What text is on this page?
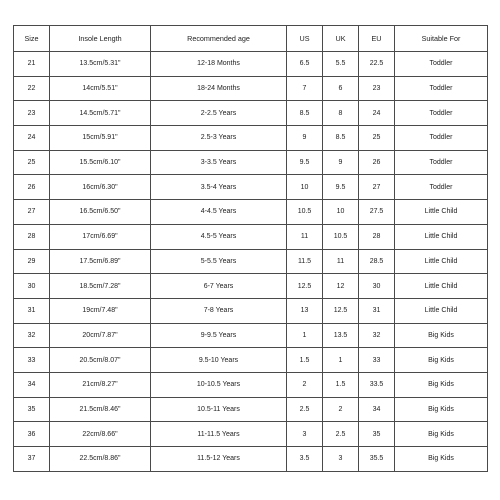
Size	Insole Length	Recommended age	US	UK	EU	Suitable For
21	13.5cm/5.31"	12-18 Months	6.5	5.5	22.5	Toddler
22	14cm/5.51"	18-24 Months	7	6	23	Toddler
23	14.5cm/5.71"	2-2.5 Years	8.5	8	24	Toddler
24	15cm/5.91"	2.5-3 Years	9	8.5	25	Toddler
25	15.5cm/6.10"	3-3.5 Years	9.5	9	26	Toddler
26	16cm/6.30"	3.5-4 Years	10	9.5	27	Toddler
27	16.5cm/6.50"	4-4.5 Years	10.5	10	27.5	Little Child
28	17cm/6.69"	4.5-5 Years	11	10.5	28	Little Child
29	17.5cm/6.89"	5-5.5 Years	11.5	11	28.5	Little Child
30	18.5cm/7.28"	6-7 Years	12.5	12	30	Little Child
31	19cm/7.48"	7-8 Years	13	12.5	31	Little Child
32	20cm/7.87"	9-9.5 Years	1	13.5	32	Big Kids
33	20.5cm/8.07"	9.5-10 Years	1.5	1	33	Big Kids
34	21cm/8.27"	10-10.5 Years	2	1.5	33.5	Big Kids
35	21.5cm/8.46"	10.5-11 Years	2.5	2	34	Big Kids
36	22cm/8.66"	11-11.5 Years	3	2.5	35	Big Kids
37	22.5cm/8.86"	11.5-12 Years	3.5	3	35.5	Big Kids
